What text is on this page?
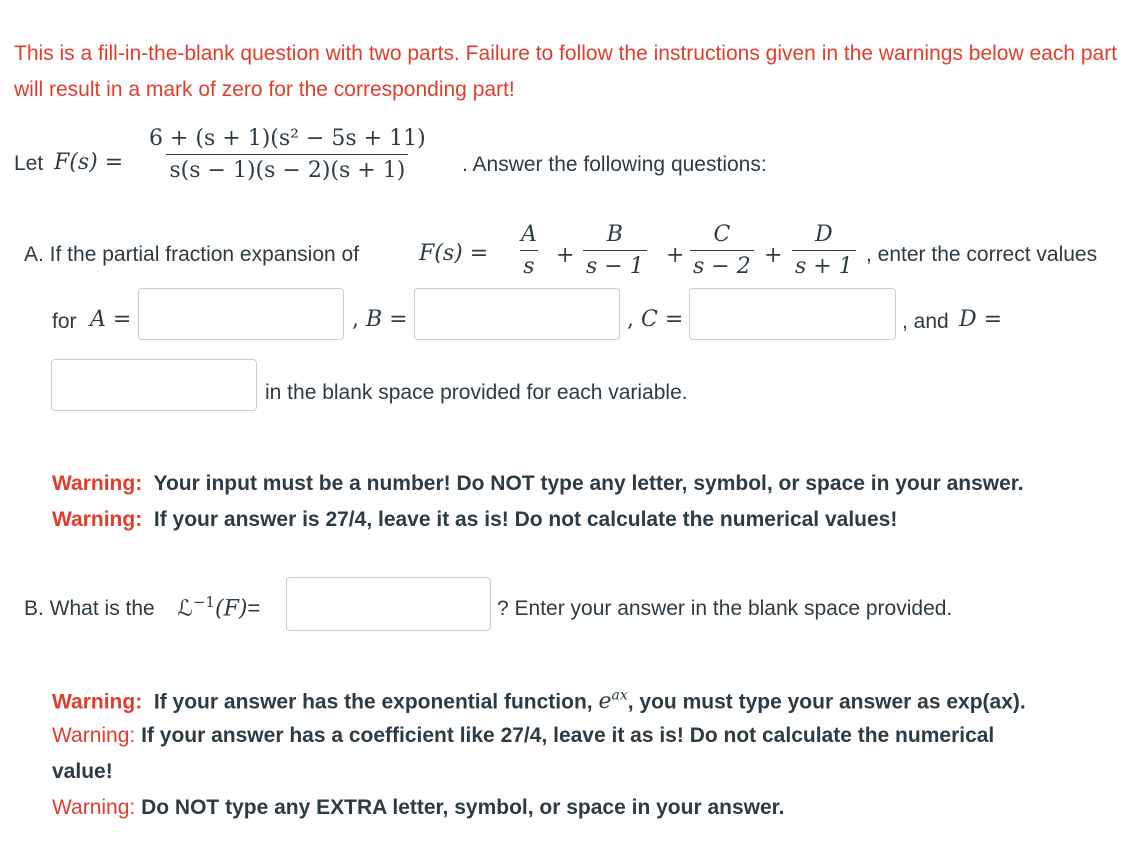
This is a fill-in-the-blank question with two parts. Failure to follow the instructions given in the warnings below each part will result in a mark of zero for the corresponding part!
Let $F(s) = \frac{\text{6 + (s + 1)(s² − 5s + 11)}}{s(s - 1)(s - 2)(s + 1)}$ . Answer the following questions:
A. If the partial fraction expansion of	$F(s) = \frac{A}{s} + \frac{B}{s - 1} + \frac{C}{s - 2} + \frac{D}{s + 1}$ , enter the correct values
for A =	, B =	, C =	, and D =
in the blank space provided for each variable.
Warning: Your input must be a number! Do NOT type any letter, symbol, or space in your answer.
Warning: If your answer is 27/4, leave it as is! Do not calculate the numerical values!
B. What is the ℒ$^{-1}$(F)=	? Enter your answer in the blank space provided.
Warning: If your answer has the exponential function, $e^{ax}$, you must type your answer as exp(ax).
Warning: If your answer has a coefficient like 27/4, leave it as is! Do not calculate the numerical
value!
Warning: Do NOT type any EXTRA letter, symbol, or space in your answer.
